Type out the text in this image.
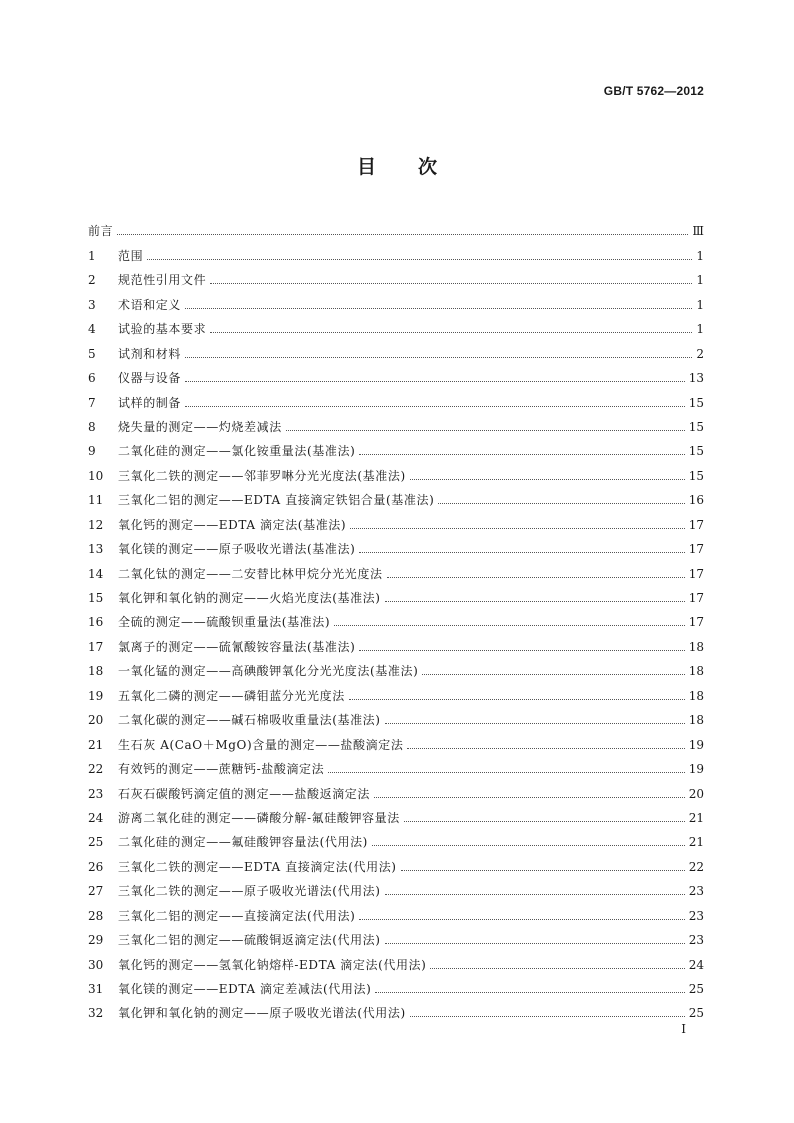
GB/T 5762—2012
目 次
前言	Ⅲ
1	范围	1
2	规范性引用文件	1
3	术语和定义	1
4	试验的基本要求	1
5	试剂和材料	2
6	仪器与设备	13
7	试样的制备	15
8	烧失量的测定——灼烧差减法	15
9	二氧化硅的测定——氯化铵重量法(基准法)	15
10	三氧化二铁的测定——邻菲罗啉分光光度法(基准法)	15
11	三氧化二铝的测定——EDTA 直接滴定铁铝合量(基准法)	16
12	氧化钙的测定——EDTA 滴定法(基准法)	17
13	氧化镁的测定——原子吸收光谱法(基准法)	17
14	二氧化钛的测定——二安替比林甲烷分光光度法	17
15	氧化钾和氧化钠的测定——火焰光度法(基准法)	17
16	全硫的测定——硫酸钡重量法(基准法)	17
17	氯离子的测定——硫氰酸铵容量法(基准法)	18
18	一氧化锰的测定——高碘酸钾氧化分光光度法(基准法)	18
19	五氧化二磷的测定——磷钼蓝分光光度法	18
20	二氧化碳的测定——碱石棉吸收重量法(基准法)	18
21	生石灰 A(CaO＋MgO)含量的测定——盐酸滴定法	19
22	有效钙的测定——蔗糖钙-盐酸滴定法	19
23	石灰石碳酸钙滴定值的测定——盐酸返滴定法	20
24	游离二氧化硅的测定——磷酸分解-氟硅酸钾容量法	21
25	二氧化硅的测定——氟硅酸钾容量法(代用法)	21
26	三氧化二铁的测定——EDTA 直接滴定法(代用法)	22
27	三氧化二铁的测定——原子吸收光谱法(代用法)	23
28	三氧化二铝的测定——直接滴定法(代用法)	23
29	三氧化二铝的测定——硫酸铜返滴定法(代用法)	23
30	氧化钙的测定——氢氧化钠熔样-EDTA 滴定法(代用法)	24
31	氧化镁的测定——EDTA 滴定差减法(代用法)	25
32	氧化钾和氧化钠的测定——原子吸收光谱法(代用法)	25
I
